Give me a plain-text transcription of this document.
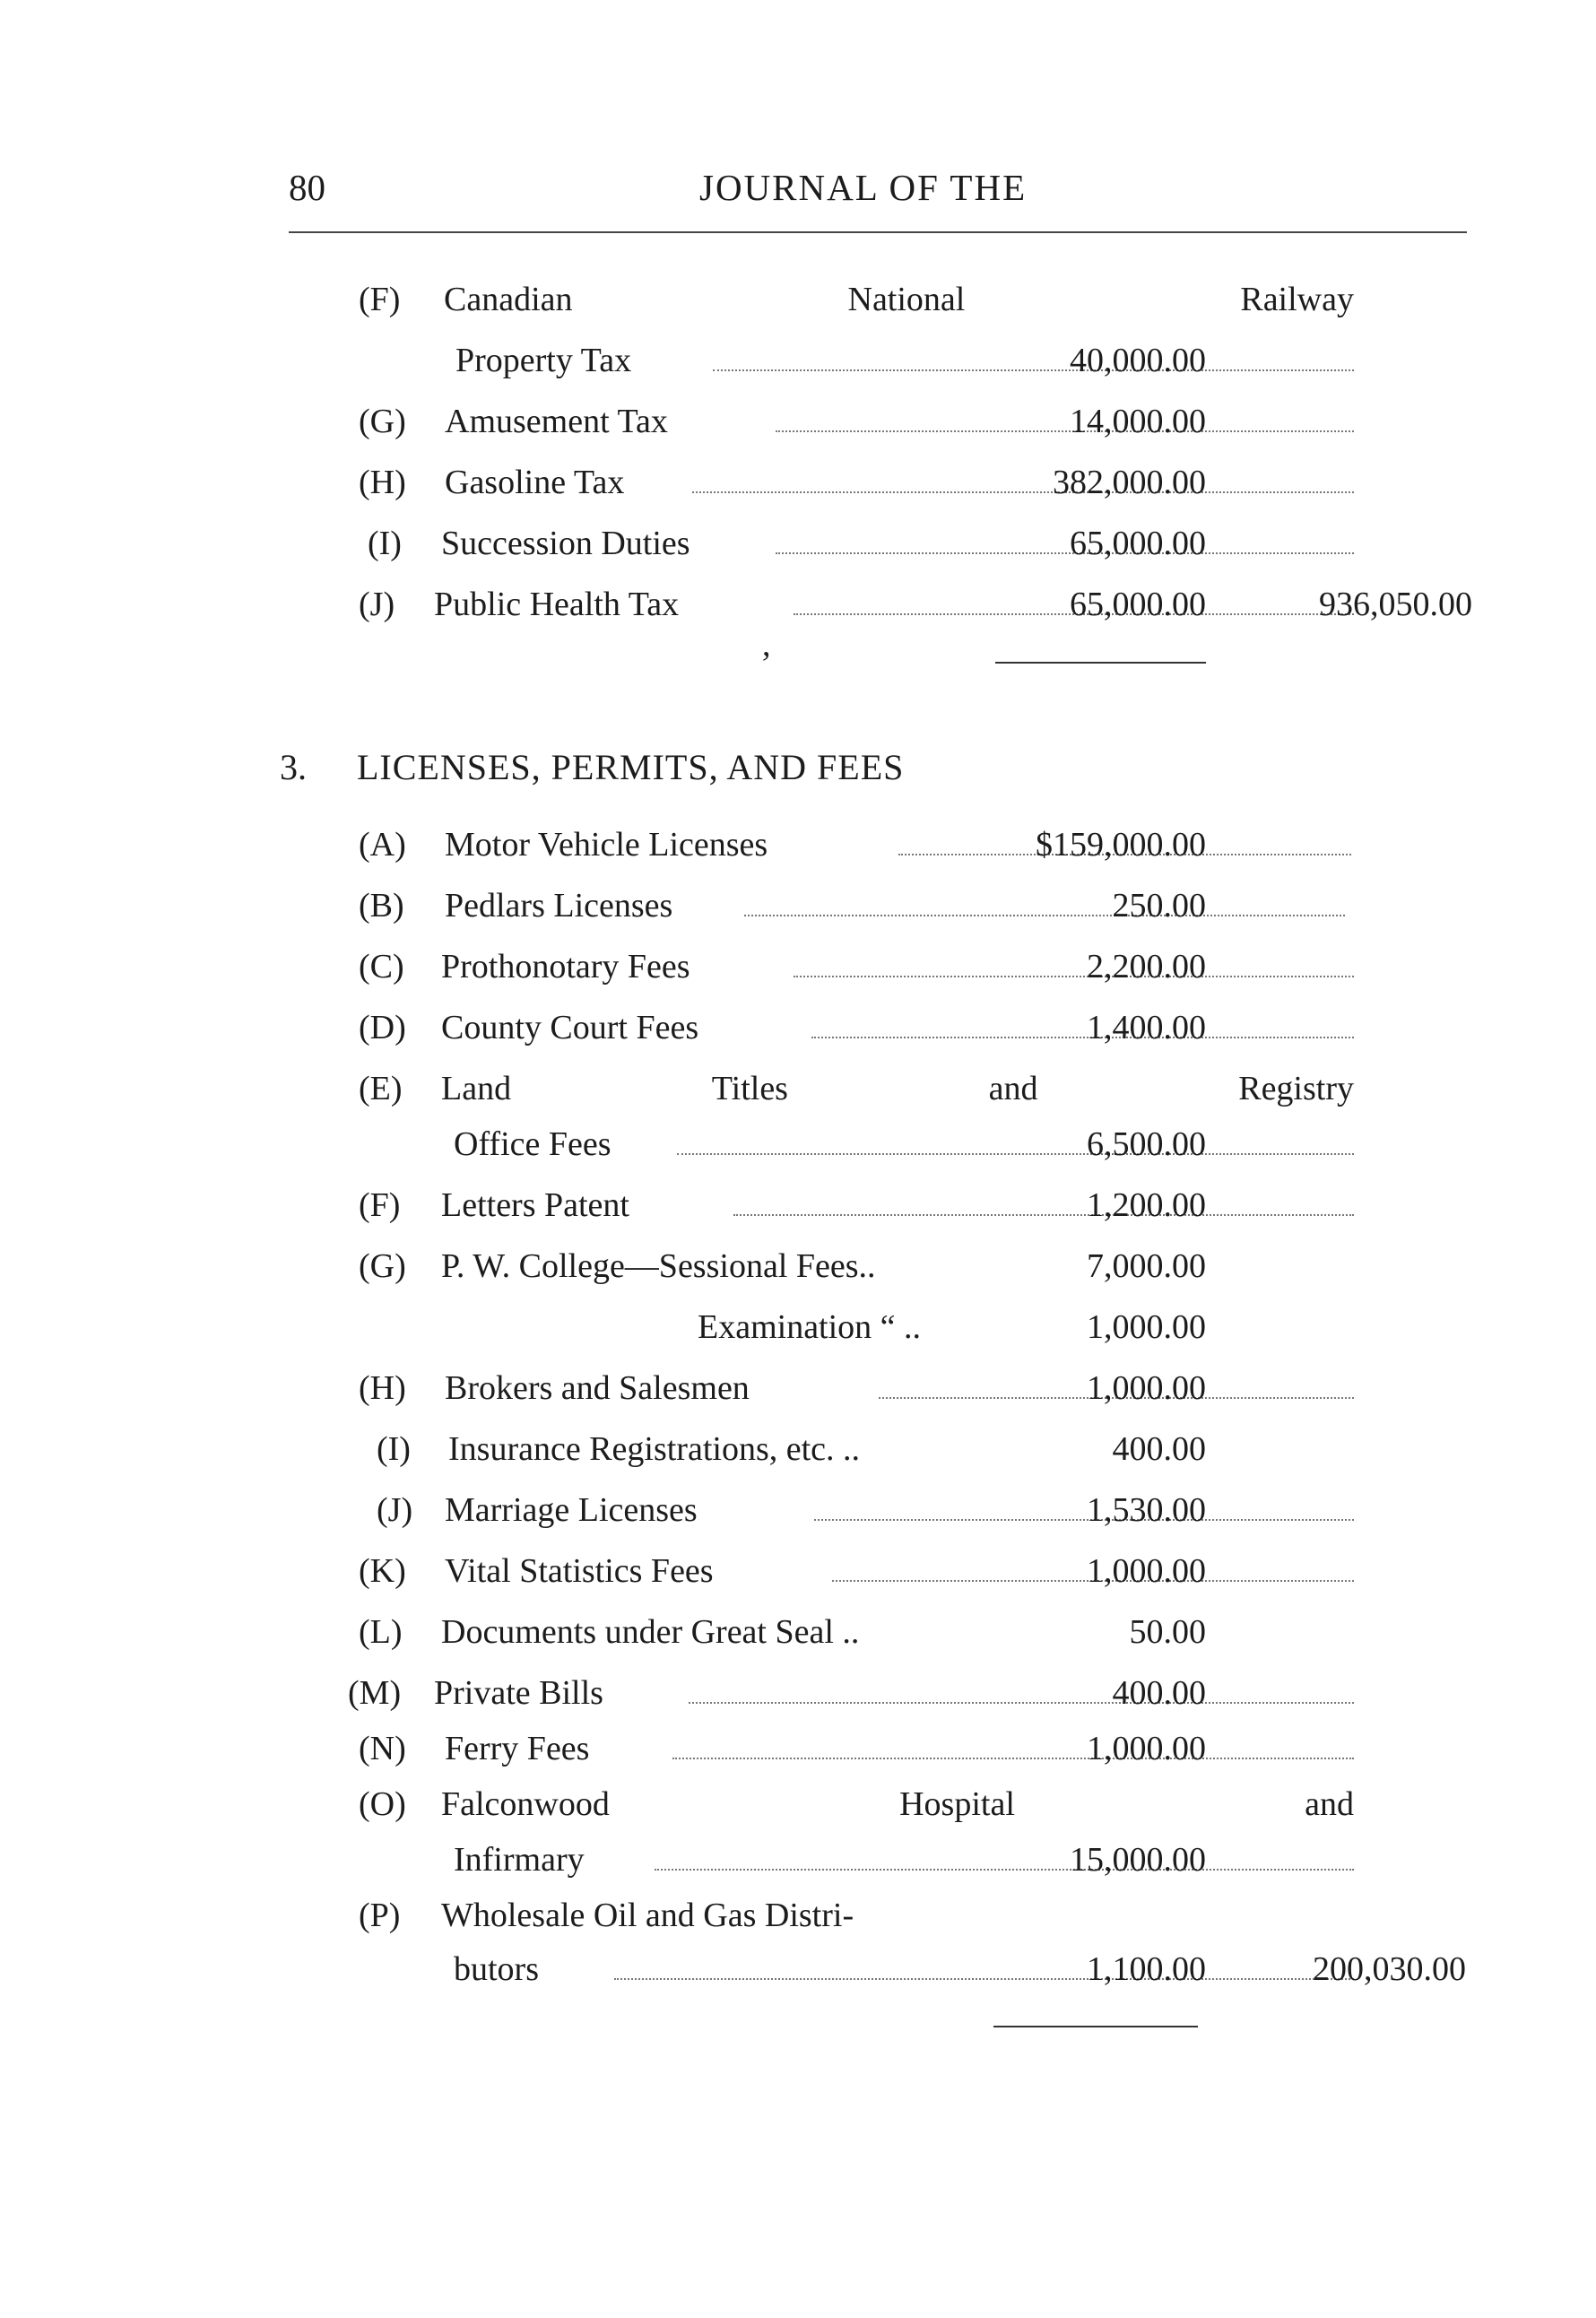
80	JOURNAL OF THE
(F) Canadian	National	Railway
Property Tax	40,000.00
(G) Amusement Tax	14,000.00
(H) Gasoline Tax	382,000.00
(I) Succession Duties	65,000.00
(J) Public Health Tax	65,000.00	936,050.00
,
3. LICENSES, PERMITS, AND FEES
(A) Motor Vehicle Licenses	$159,000.00
(B) Pedlars Licenses	250.00
(C) Prothonotary Fees	2,200.00
(D) County Court Fees	1,400.00
(E) Land	Titles	and	Registry
Office Fees	6,500.00
(F) Letters Patent	1,200.00
(G) P. W. College—Sessional Fees..	7,000.00
Examination “ ..	1,000.00
(H) Brokers and Salesmen	1,000.00
(I) Insurance Registrations, etc. ..	400.00
(J) Marriage Licenses	1,530.00
(K) Vital Statistics Fees	1,000.00
(L) Documents under Great Seal ..	50.00
(M) Private Bills	400.00
(N) Ferry Fees	1,000.00
(O) Falconwood	Hospital	and
Infirmary	15,000.00
(P) Wholesale Oil and Gas Distri-
butors	1,100.00	200,030.00
